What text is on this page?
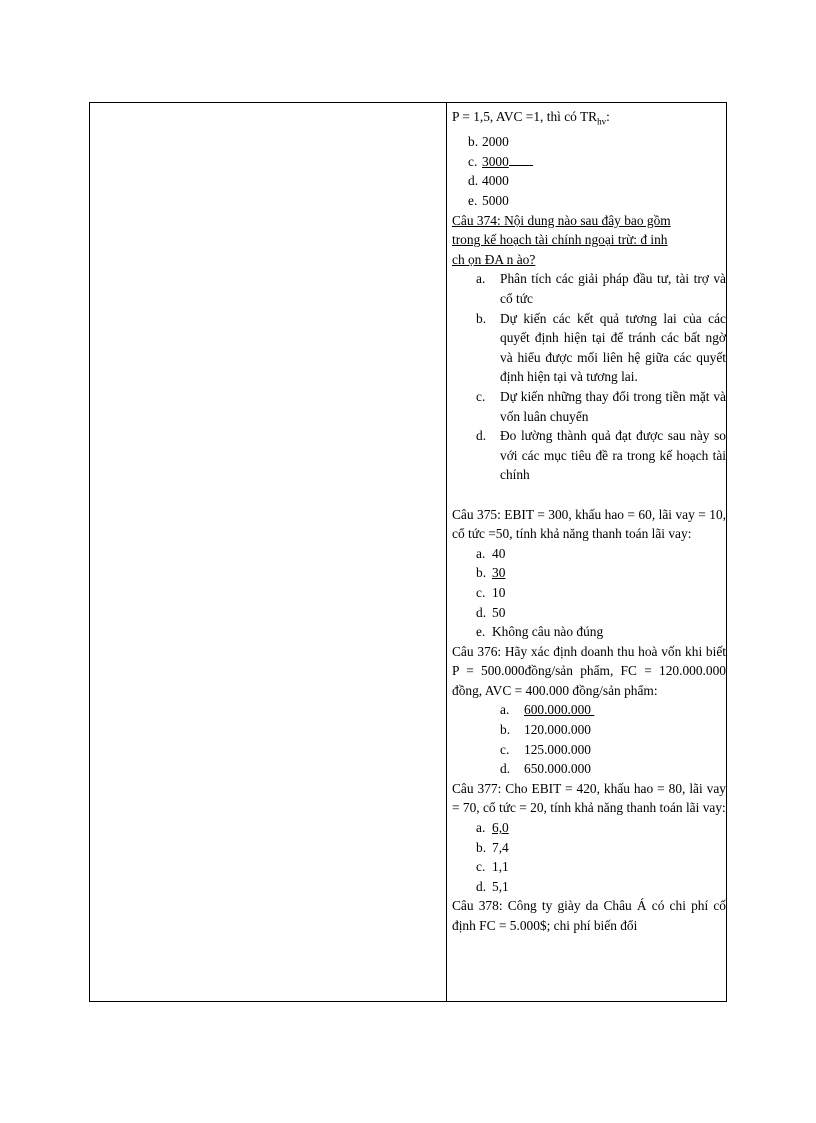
P = 1,5, AVC =1, thì có $TR_{hv}$:

b. 2000
c. 3000
d. 4000
e. 5000

Câu 374: Nội dung nào sau đây bao gồm

trong kế hoạch tài chính ngoại trừ: đ inh

ch ọn ĐA n ào?

a.	Phân tích các giải pháp đầu tư, tài trợ và cổ tức
b.	Dự kiến các kết quả tương lai của các quyết định hiện tại để tránh các bất ngờ và hiểu được mối liên hệ giữa các quyết định hiện tại và tương lai.
c.	Dự kiến những thay đổi trong tiền mặt và vốn luân chuyển
d.	Đo lường thành quả đạt được sau này so với các mục tiêu đề ra trong kế hoạch tài chính

Câu 375: EBIT = 300, khấu hao = 60, lãi vay = 10, cổ tức =50, tính khả năng thanh toán lãi vay:

a. 40
b. 30
c. 10
d. 50
e. Không câu nào đúng

Câu 376: Hãy xác định doanh thu hoà vốn khi biết P = 500.000đồng/sản phẩm, FC = 120.000.000 đồng, AVC = 400.000 đồng/sản phẩm:

a.	600.000.000
b.	120.000.000
c.	125.000.000
d.	650.000.000

Câu 377: Cho EBIT = 420, khấu hao = 80, lãi vay = 70, cổ tức = 20, tính khả năng thanh toán lãi vay:

a. 6,0
b. 7,4
c. 1,1
d. 5,1

Câu 378: Công ty giày da Châu Á có chi phí cố định FC = 5.000$; chi phí biến đổi
